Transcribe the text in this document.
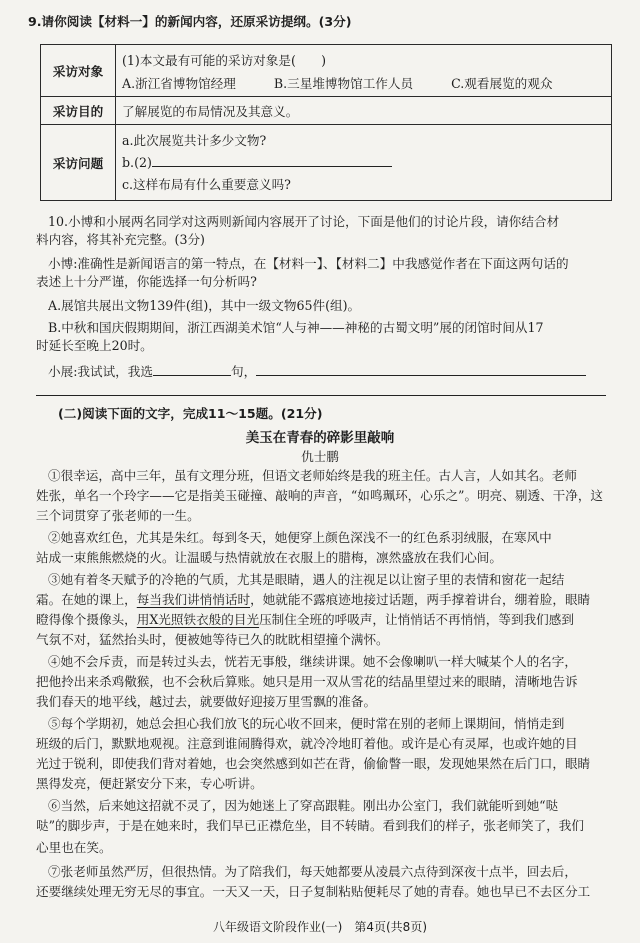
9.请你阅读【材料一】的新闻内容，还原采访提纲。(3分)
采访对象	(1)本文最有可能的采访对象是(　　)
A.浙江省博物馆经理 B.三星堆博物馆工作人员 C.观看展览的观众

采访目的	了解展览的布局情况及其意义。
采访问题	a.此次展览共计多少文物?
b.(2)
c.这样布局有什么重要意义吗?
10.小博和小展两名同学对这两则新闻内容展开了讨论，下面是他们的讨论片段，请你结合材
料内容，将其补充完整。(3分)
小博:准确性是新闻语言的第一特点，在【材料一】、【材料二】中我感觉作者在下面这两句话的
表述上十分严谨，你能选择一句分析吗?
A.展馆共展出文物139件(组)，其中一级文物65件(组)。
B.中秋和国庆假期期间，浙江西湖美术馆“人与神——神秘的古蜀文明”展的闭馆时间从17
时延长至晚上20时。
小展:我试试，我选	句，
(二)阅读下面的文字，完成11～15题。(21分)
美玉在青春的碎影里敲响
仇士鹏
①很幸运，高中三年，虽有文理分班，但语文老师始终是我的班主任。古人言，人如其名。老师
姓张，单名一个玲字——它是指美玉碰撞、敲响的声音，“如鸣珮环，心乐之”。明亮、剔透、干净，这
三个词贯穿了张老师的一生。
②她喜欢红色，尤其是朱红。每到冬天，她便穿上颜色深浅不一的红色系羽绒服，在寒风中
站成一束熊熊燃烧的火。让温暖与热情就放在衣服上的腊梅，凛然盛放在我们心间。
③她有着冬天赋予的冷艳的气质，尤其是眼睛，遇人的注视足以让窗子里的表情和窗花一起结
霜。在她的课上，每当我们讲悄悄话时，她就能不露痕迹地接过话题，两手撑着讲台，绷着脸，眼睛
瞪得像个摄像头，用X光照铁衣般的目光压制住全班的呼吸声，让悄悄话不再悄悄，等到我们感到
气氛不对，猛然抬头时，便被她等待已久的眈眈相望撞个满怀。
④她不会斥责，而是转过头去，恍若无事般，继续讲课。她不会像喇叭一样大喊某个人的名字，
把他拎出来杀鸡儆猴，也不会秋后算账。她只是用一双从雪花的结晶里望过来的眼睛，清晰地告诉
我们春天的地平线，越过去，就要做好迎接万里雪飘的准备。
⑤每个学期初，她总会担心我们放飞的玩心收不回来，便时常在别的老师上课期间，悄悄走到
班级的后门，默默地观视。注意到谁闹腾得欢，就冷冷地盯着他。或许是心有灵犀，也或许她的目
光过于锐利，即使我们背对着她，也会突然感到如芒在背，偷偷瞥一眼，发现她果然在后门口，眼睛
黑得发亮，便赶紧安分下来，专心听讲。
⑥当然，后来她这招就不灵了，因为她迷上了穿高跟鞋。刚出办公室门，我们就能听到她“哒
哒”的脚步声，于是在她来时，我们早已正襟危坐，目不转睛。看到我们的样子，张老师笑了，我们
心里也在笑。
⑦张老师虽然严厉，但很热情。为了陪我们，每天她都要从凌晨六点待到深夜十点半，回去后，
还要继续处理无穷无尽的事宜。一天又一天，日子复制粘贴便耗尽了她的青春。她也早已不去区分工
八年级语文阶段作业(一)　第4页(共8页)
